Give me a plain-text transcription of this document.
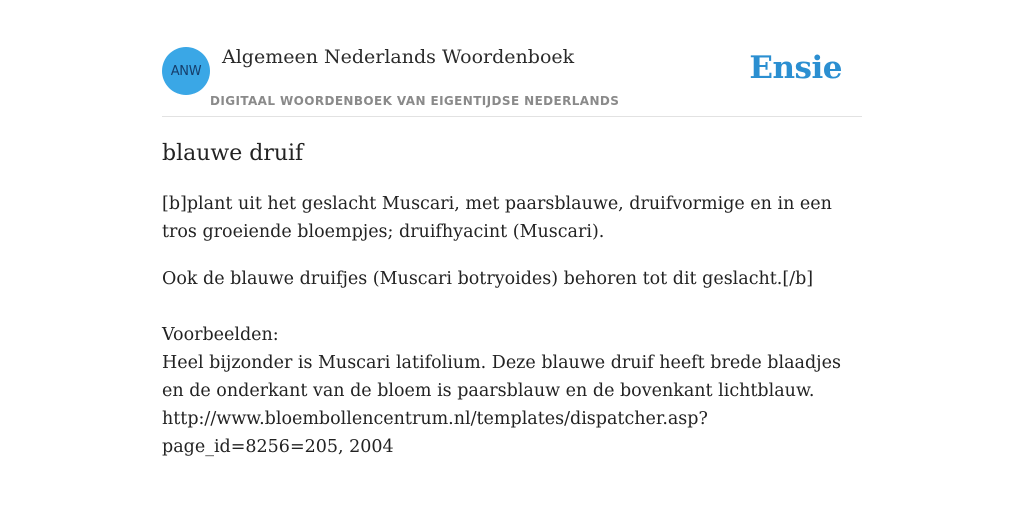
ANW
Algemeen Nederlands Woordenboek
DIGITAAL WOORDENBOEK VAN EIGENTIJDSE NEDERLANDS
Ensie
blauwe druif

[b]plant uit het geslacht Muscari, met paarsblauwe, druifvormige en in een tros groeiende bloempjes; druifhyacint (Muscari).

Ook de blauwe druifjes (Muscari botryoides) behoren tot dit geslacht.[/b]

Voorbeelden:
Heel bijzonder is Muscari latifolium. Deze blauwe druif heeft brede blaadjes en de onderkant van de bloem is paarsblauw en de bovenkant lichtblauw.
http://www.bloembollencentrum.nl/templates/dispatcher.asp?page_id=8256=205, 2004
